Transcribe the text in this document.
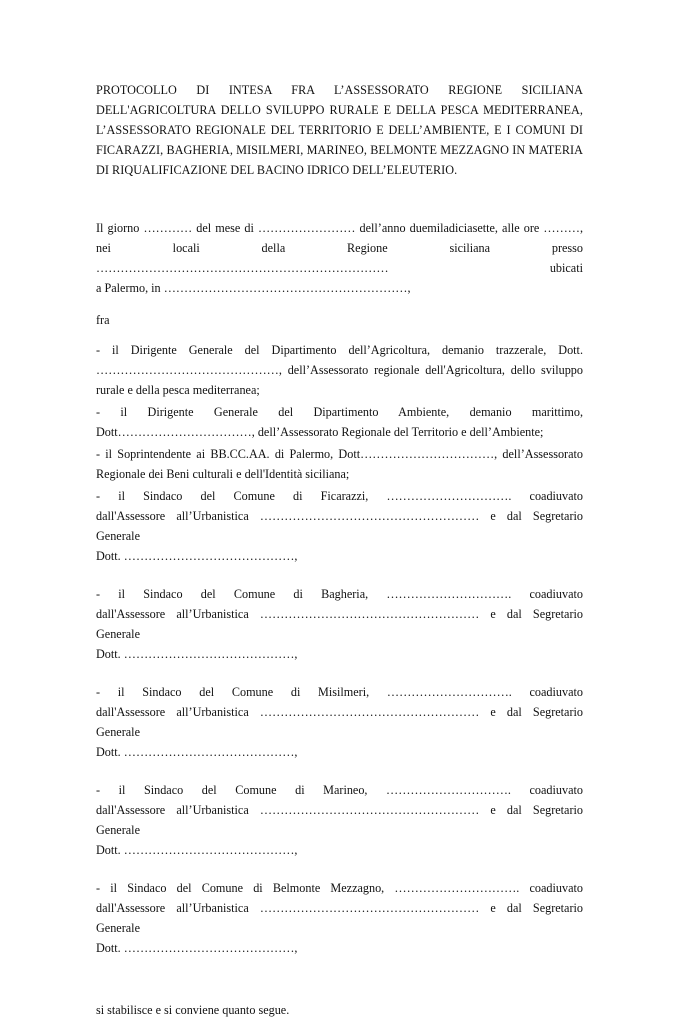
PROTOCOLLO DI INTESA FRA L’ASSESSORATO REGIONE SICILIANA DELL'AGRICOLTURA DELLO SVILUPPO RURALE E DELLA PESCA MEDITERRANEA, L’ASSESSORATO REGIONALE DEL TERRITORIO E DELL’AMBIENTE, E I COMUNI DI FICARAZZI, BAGHERIA, MISILMERI, MARINEO, BELMONTE MEZZAGNO IN MATERIA DI RIQUALIFICAZIONE DEL BACINO IDRICO DELL’ELEUTERIO.

Il giorno ………… del mese di …………………… dell’anno duemiladiciasette, alle ore ………,
nei locali della Regione siciliana presso ……………………………………………………………… ubicati
a Palermo, in ……………………………………………………,

fra

- il Dirigente Generale del Dipartimento dell’Agricoltura, demanio trazzerale, Dott.
………………………………………, dell’Assessorato regionale dell'Agricoltura, dello sviluppo
rurale e della pesca mediterranea;
- il Dirigente Generale del Dipartimento Ambiente, demanio marittimo,
Dott……………………………, dell’Assessorato Regionale del Territorio e dell’Ambiente;
- il Soprintendente ai BB.CC.AA. di Palermo, Dott……………………………, dell’Assessorato
Regionale dei Beni culturali e dell'Identità siciliana;
- il Sindaco del Comune di Ficarazzi, …………………………. coadiuvato
dall'Assessore all’Urbanistica ……………………………………………… e dal Segretario Generale
Dott. ……………………………………,
- il Sindaco del Comune di Bagheria, …………………………. coadiuvato
dall'Assessore all’Urbanistica ……………………………………………… e dal Segretario Generale
Dott. ……………………………………,
- il Sindaco del Comune di Misilmeri, …………………………. coadiuvato
dall'Assessore all’Urbanistica ……………………………………………… e dal Segretario Generale
Dott. ……………………………………,
- il Sindaco del Comune di Marineo, …………………………. coadiuvato
dall'Assessore all’Urbanistica ……………………………………………… e dal Segretario Generale
Dott. ……………………………………,
- il Sindaco del Comune di Belmonte Mezzagno, …………………………. coadiuvato
dall'Assessore all’Urbanistica ……………………………………………… e dal Segretario Generale
Dott. ……………………………………,

si stabilisce e si conviene quanto segue.
